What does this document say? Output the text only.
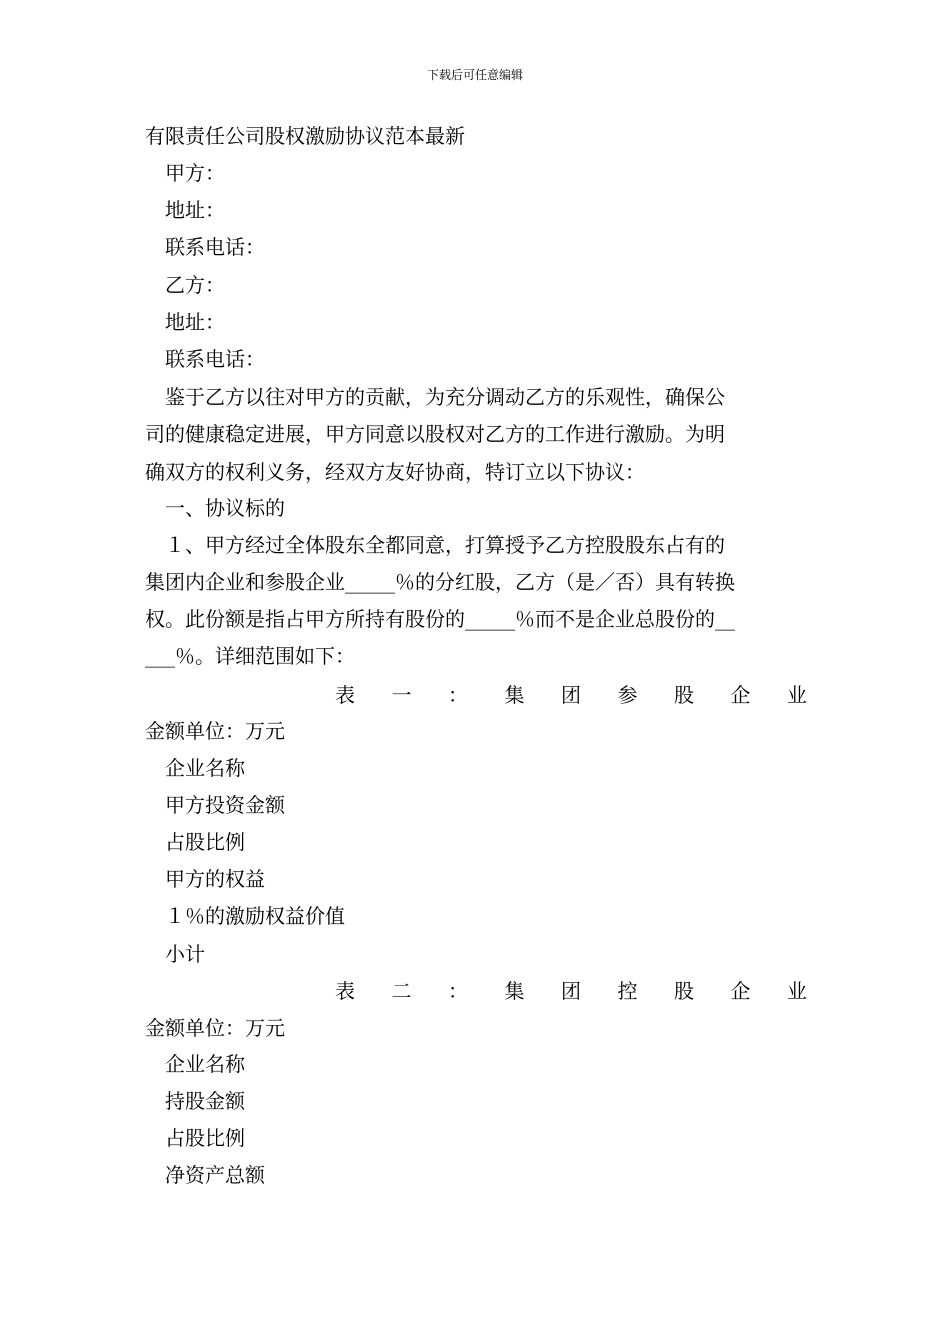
下载后可任意编辑
有限责任公司股权激励协议范本最新
甲方：
地址：
联系电话：
乙方：
地址：
联系电话：
鉴于乙方以往对甲方的贡献，为充分调动乙方的乐观性，确保公
司的健康稳定进展，甲方同意以股权对乙方的工作进行激励。为明
确双方的权利义务，经双方友好协商，特订立以下协议：
一、协议标的
１、甲方经过全体股东全都同意，打算授予乙方控股股东占有的
集团内企业和参股企业_____％的分红股，乙方（是／否）具有转换
权。此份额是指占甲方所持有股份的_____％而不是企业总股份的__
___％。详细范围如下：
表 一 ： 集 团 参 股 企 业
金额单位：万元
企业名称
甲方投资金额
占股比例
甲方的权益
１％的激励权益价值
小计
表 二 ： 集 团 控 股 企 业
金额单位：万元
企业名称
持股金额
占股比例
净资产总额
